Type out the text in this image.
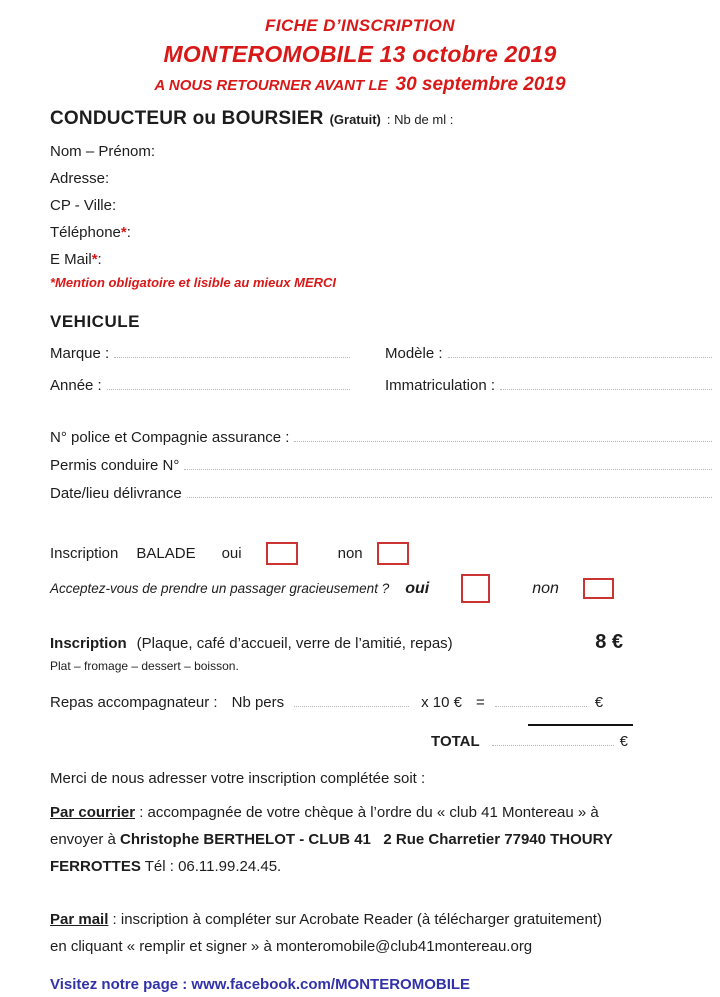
FICHE D’INSCRIPTION
MONTEROMOBILE 13 octobre 2019
A NOUS RETOURNER AVANT LE 30 septembre 2019
CONDUCTEUR ou BOURSIER (Gratuit) : Nb de ml :
Nom – Prénom :
Adresse :
CP - Ville :
Téléphone * :
E Mail * :
*Mention obligatoire et lisible au mieux MERCI
VEHICULE
Marque :	Modèle :
Année :	Immatriculation :
N° police et Compagnie assurance :
Permis conduire N°
Date/lieu délivrance
Inscription BALADE oui	non
Acceptez-vous de prendre un passager gracieusement ? oui	non
Inscription (Plaque, café d’accueil, verre de l’amitié, repas)	8 €
Plat – fromage – dessert – boisson.
Repas accompagnateur : Nb pers	x 10 € =	€
TOTAL	€
Merci de nous adresser votre inscription complétée soit :
Par courrier : accompagnée de votre chèque à l’ordre du « club 41 Montereau » à
envoyer à Christophe BERTHELOT - CLUB 41   2 Rue Charretier 77940 THOURY
FERROTTES Tél : 06.11.99.24.45.
Par mail : inscription à compléter sur Acrobate Reader (à télécharger gratuitement)
en cliquant « remplir et signer » à monteromobile@club41montereau.org
Visitez notre page : www.facebook.com/MONTEROMOBILE
